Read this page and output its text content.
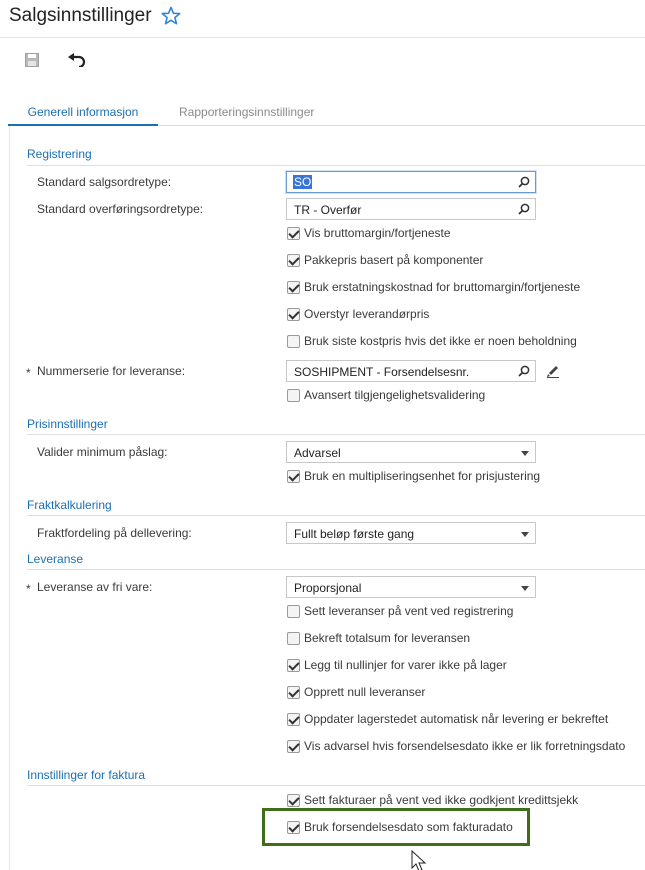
Salgsinnstillinger
Generell informasjon	Rapporteringsinnstillinger
Registrering
Standard salgsordretype:	SO
Standard overføringsordretype:	TR - Overfør
Vis bruttomargin/fortjeneste
Pakkepris basert på komponenter
Bruk erstatningskostnad for bruttomargin/fortjeneste
Overstyr leverandørpris
Bruk siste kostpris hvis det ikke er noen beholdning
* Nummerserie for leveranse:	SOSHIPMENT - Forsendelsesnr.
Avansert tilgjengelighetsvalidering
Prisinnstillinger
Valider minimum påslag:	Advarsel
Bruk en multipliseringsenhet for prisjustering
Fraktkalkulering
Fraktfordeling på dellevering:	Fullt beløp første gang
Leveranse
* Leveranse av fri vare:	Proporsjonal
Sett leveranser på vent ved registrering
Bekreft totalsum for leveransen
Legg til nullinjer for varer ikke på lager
Opprett null leveranser
Oppdater lagerstedet automatisk når levering er bekreftet
Vis advarsel hvis forsendelsesdato ikke er lik forretningsdato
Innstillinger for faktura
Sett fakturaer på vent ved ikke godkjent kredittsjekk
Bruk forsendelsesdato som fakturadato
